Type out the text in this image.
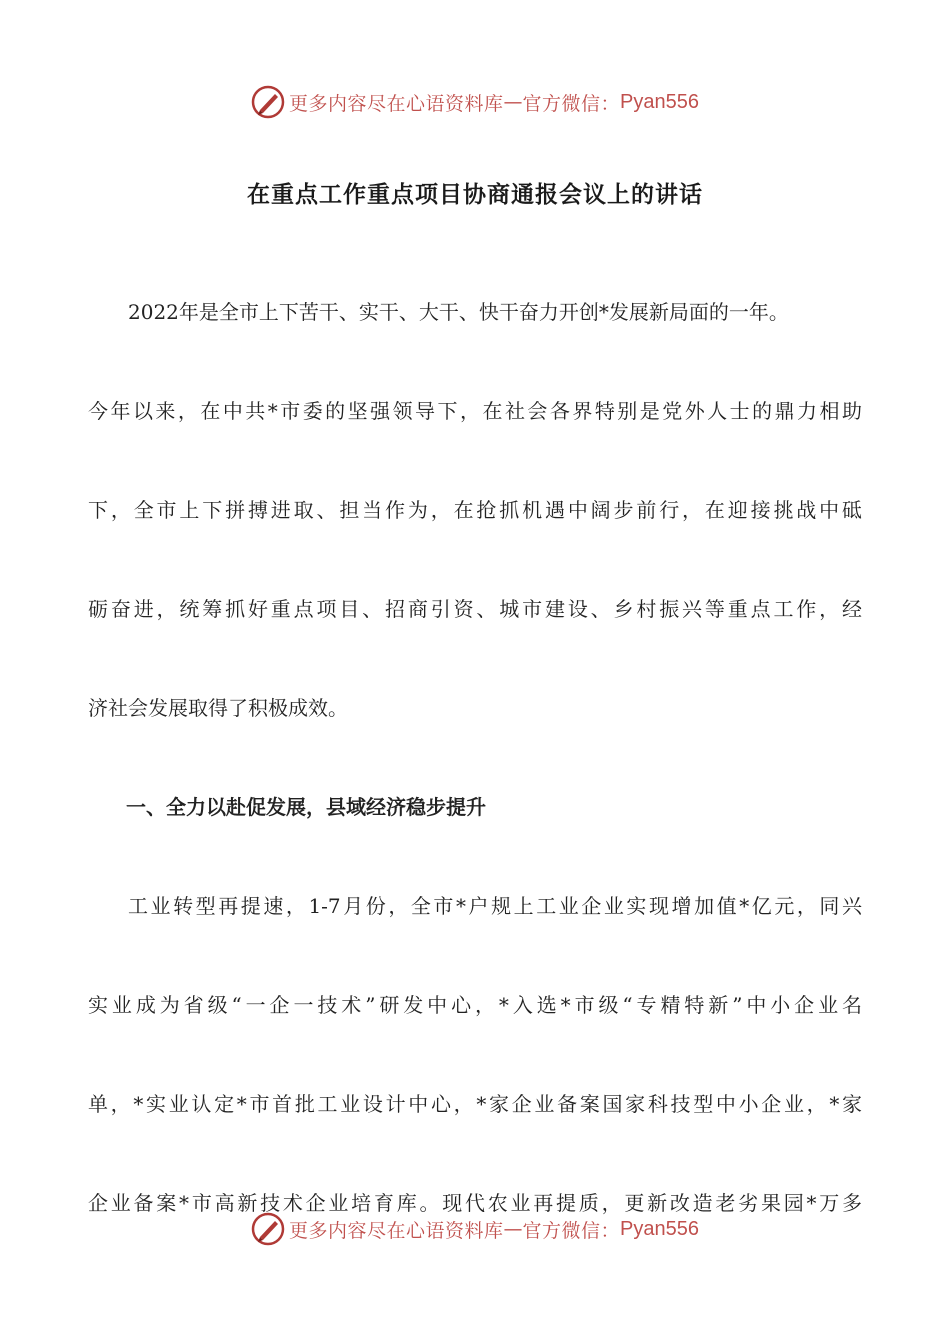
更多内容尽在心语资料库 — 官方微信： Pyan556
在重点工作重点项目协商通报会议上的讲话

2022年是全市上下苦干、实干、大干、快干奋力开创*发展新局面的一年。

今年以来，在中共*市委的坚强领导下，在社会各界特别是党外人士的鼎力相助

下，全市上下拼搏进取、担当作为，在抢抓机遇中阔步前行，在迎接挑战中砥

砺奋进，统筹抓好重点项目、招商引资、城市建设、乡村振兴等重点工作，经

济社会发展取得了积极成效。

一、全力以赴促发展，县域经济稳步提升

工业转型再提速，1-7月份，全市*户规上工业企业实现增加值*亿元，同兴

实业成为省级“一企一技术”研发中心，*入选*市级“专精特新”中小企业名

单，*实业认定*市首批工业设计中心，*家企业备案国家科技型中小企业，*家

企业备案*市高新技术企业培育库。现代农业再提质，更新改造老劣果园*万多

更多内容尽在心语资料库 — 官方微信： Pyan556
